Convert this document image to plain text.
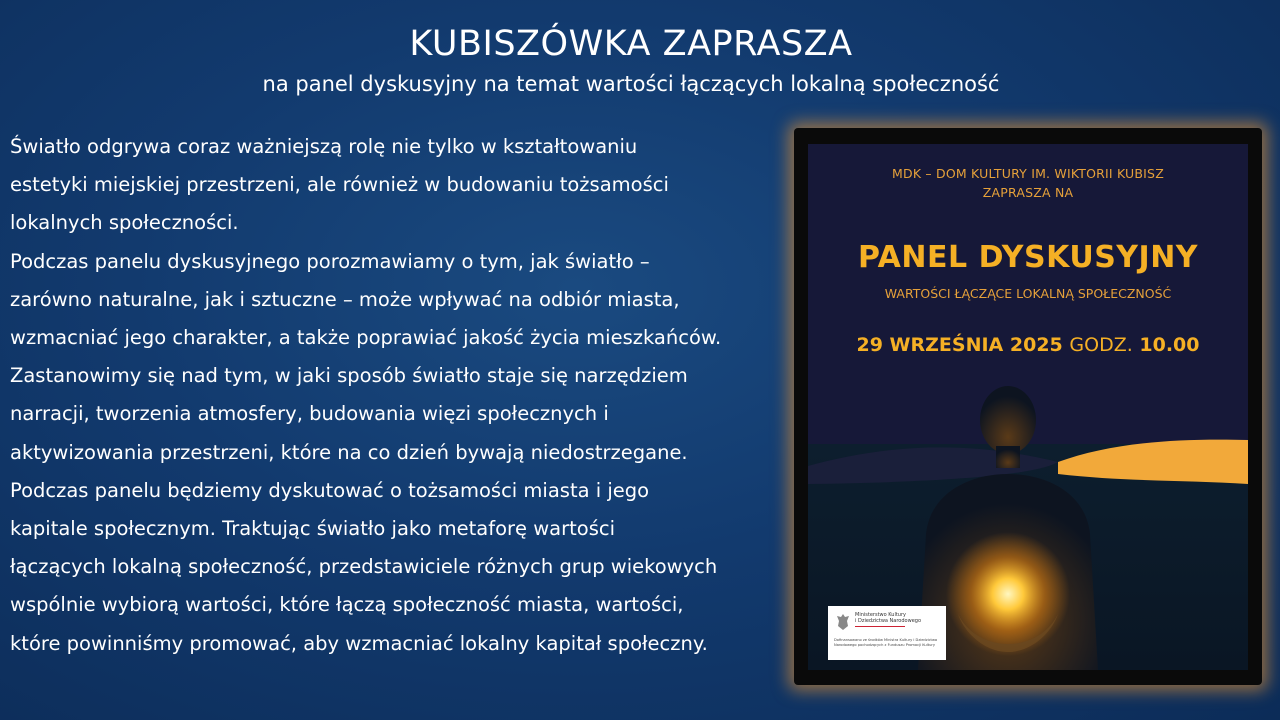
KUBISZÓWKA ZAPRASZA
na panel dyskusyjny na temat wartości łączących lokalną społeczność

Światło odgrywa coraz ważniejszą rolę nie tylko w kształtowaniu

estetyki miejskiej przestrzeni, ale również w budowaniu tożsamości

lokalnych społeczności.

Podczas panelu dyskusyjnego porozmawiamy o tym, jak światło –

zarówno naturalne, jak i sztuczne – może wpływać na odbiór miasta,

wzmacniać jego charakter, a także poprawiać jakość życia mieszkańców.

Zastanowimy się nad tym, w jaki sposób światło staje się narzędziem

narracji, tworzenia atmosfery, budowania więzi społecznych i

aktywizowania przestrzeni, które na co dzień bywają niedostrzegane.

Podczas panelu będziemy dyskutować o tożsamości miasta i jego

kapitale społecznym. Traktując światło jako metaforę wartości

łączących lokalną społeczność, przedstawiciele różnych grup wiekowych

wspólnie wybiorą wartości, które łączą społeczność miasta, wartości,

które powinniśmy promować, aby wzmacniać lokalny kapitał społeczny.

MDK – DOM KULTURY IM. WIKTORII KUBISZ
ZAPRASZA NA
PANEL DYSKUSYJNY
WARTOŚCI ŁĄCZĄCE LOKALNĄ SPOŁECZNOŚĆ
29 WRZEŚNIA 2025 GODZ. 10.00
Ministerstwo Kultury
i Dziedzictwa Narodowego
Dofinansowano ze środków Ministra Kultury i Dziedzictwa Narodowego pochodzących z Funduszu Promocji Kultury
